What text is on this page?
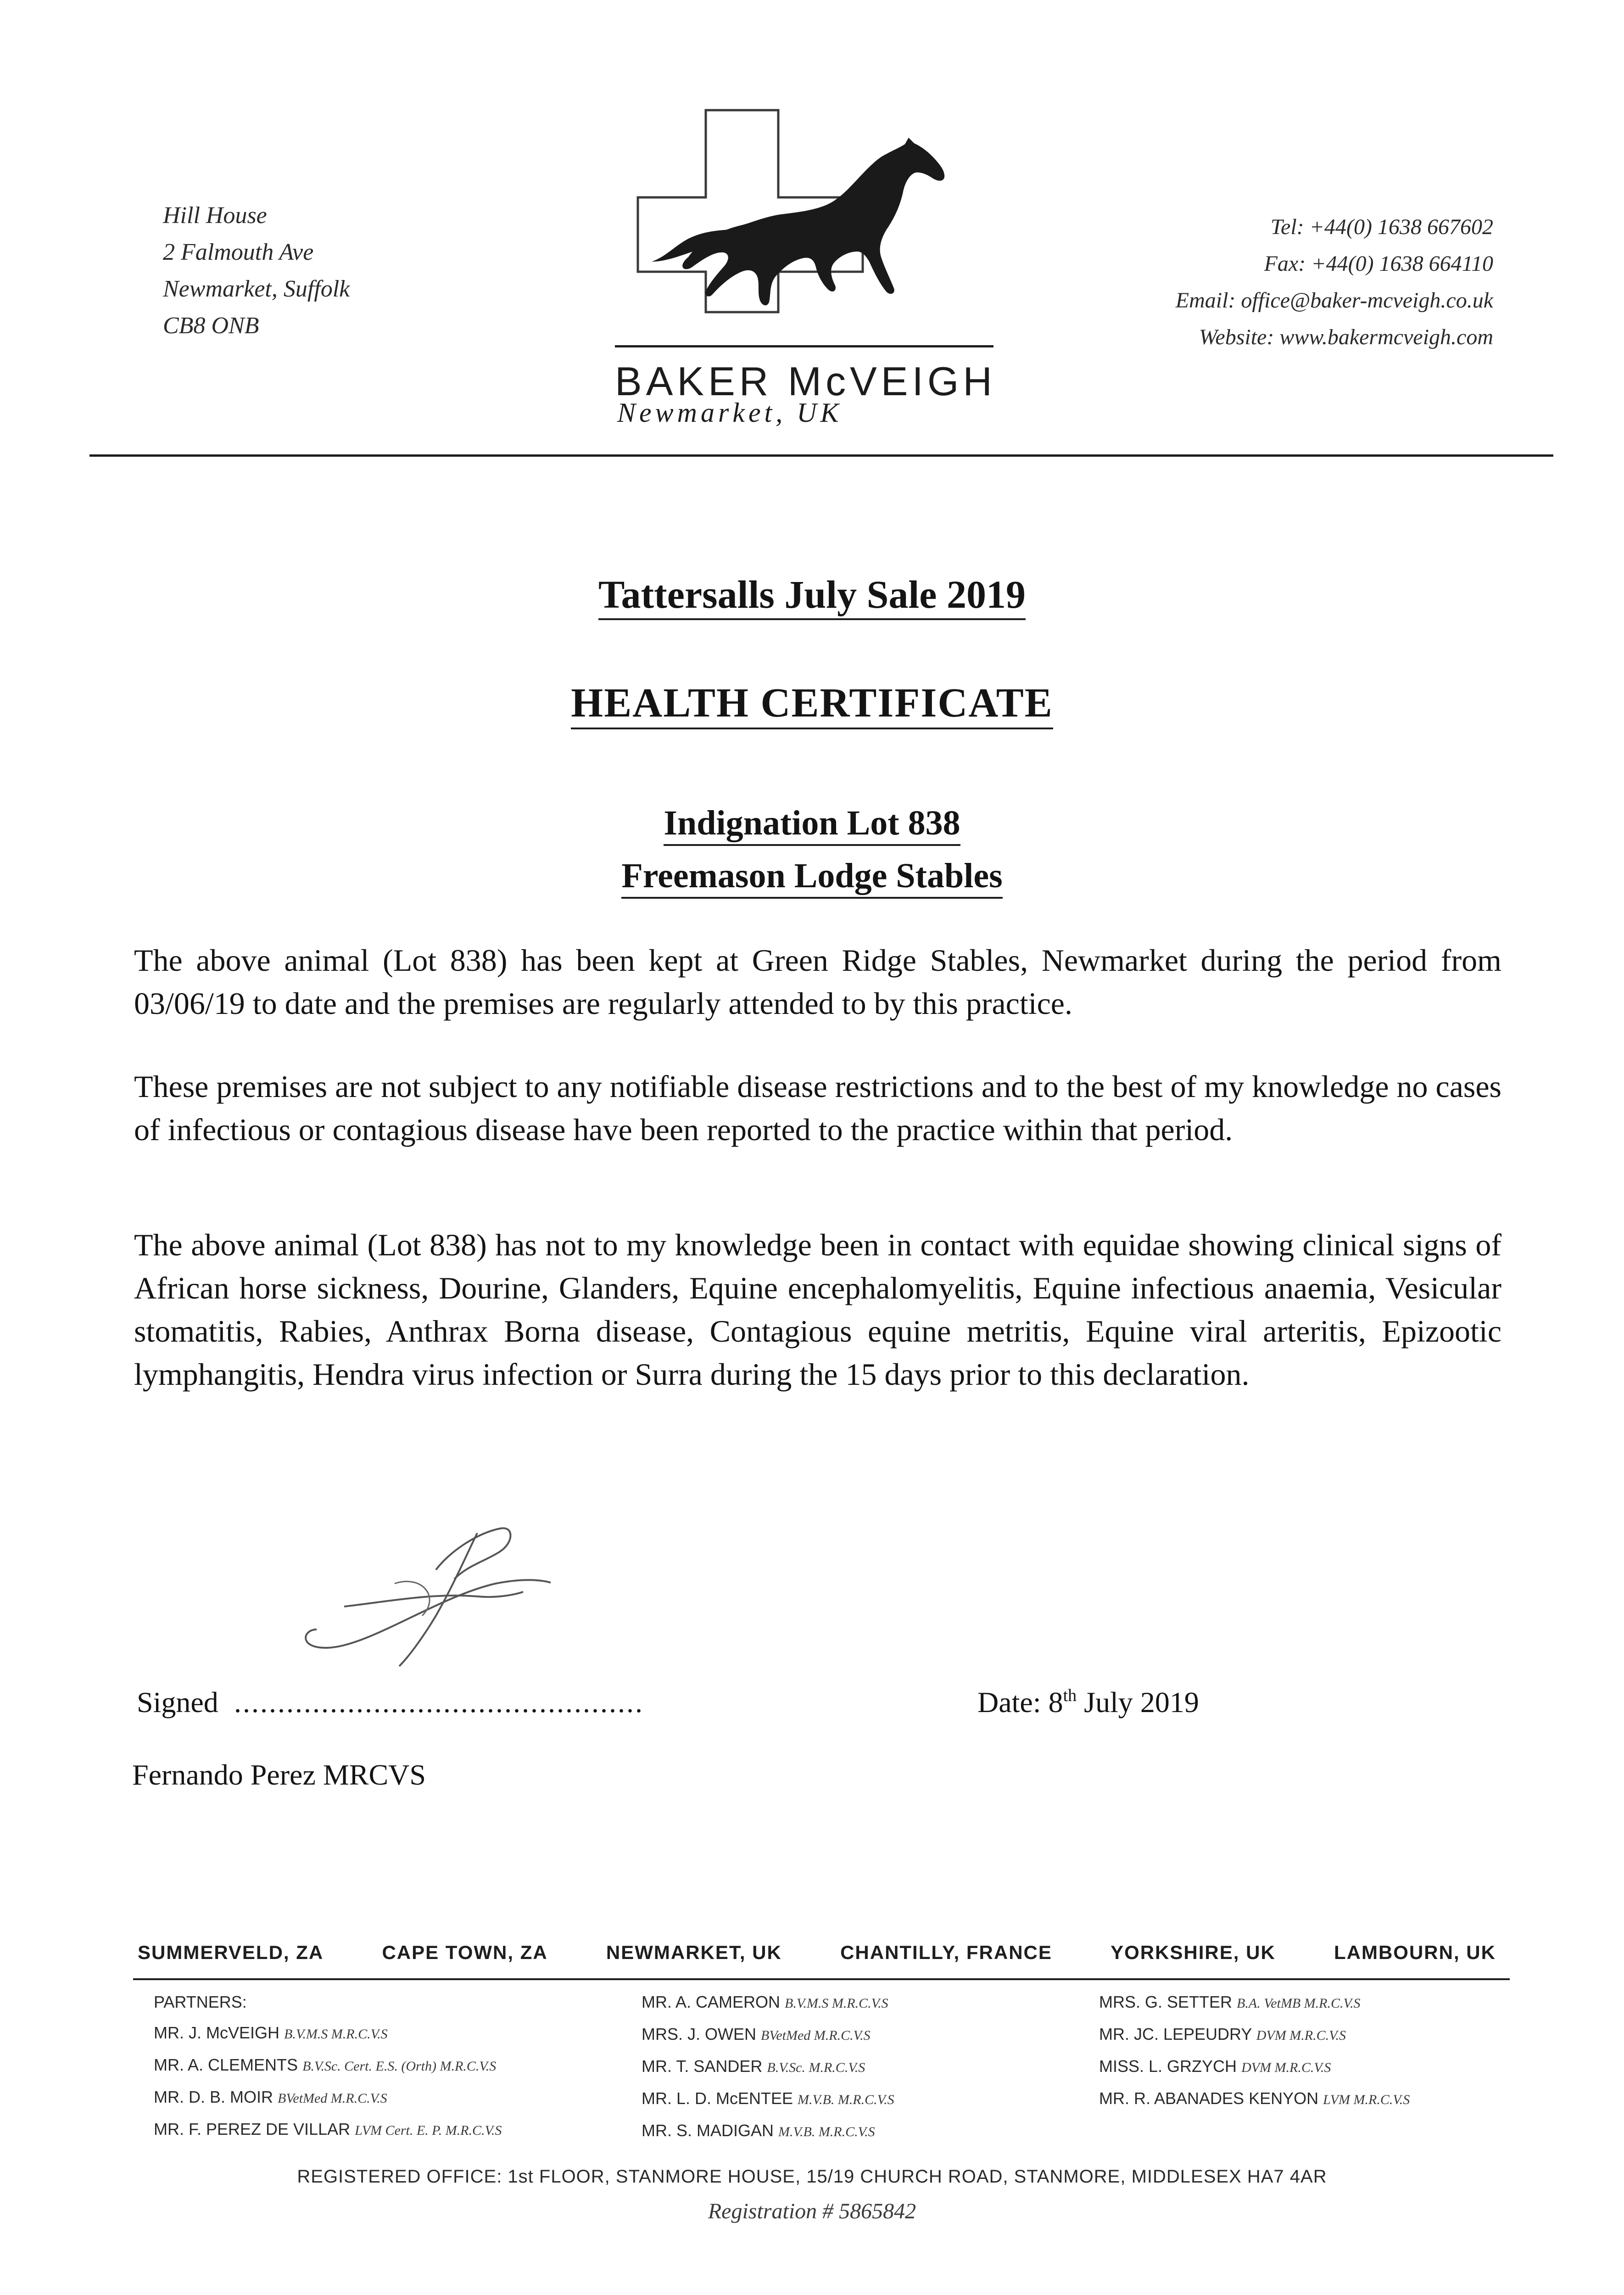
Hill House
2 Falmouth Ave
Newmarket, Suffolk
CB8 ONB
BAKER McVEIGH
Newmarket, UK
Tel: +44(0) 1638 667602
Fax: +44(0) 1638 664110
Email: office@baker-mcveigh.co.uk
Website: www.bakermcveigh.com
Tattersalls July Sale 2019
HEALTH CERTIFICATE
Indignation Lot 838
Freemason Lodge Stables
The above animal (Lot 838) has been kept at Green Ridge Stables, Newmarket during the period from 03/06/19 to date and the premises are regularly attended to by this practice.
These premises are not subject to any notifiable disease restrictions and to the best of my knowledge no cases of infectious or contagious disease have been reported to the practice within that period.
The above animal (Lot 838) has not to my knowledge been in contact with equidae showing clinical signs of African horse sickness, Dourine, Glanders, Equine encephalomyelitis, Equine infectious anaemia, Vesicular stomatitis, Rabies, Anthrax Borna disease, Contagious equine metritis, Equine viral arteritis, Epizootic lymphangitis, Hendra virus infection or Surra during the 15 days prior to this declaration.
Signed ...............................................	Date: 8th July 2019
Fernando Perez MRCVS
SUMMERVELD, ZA	CAPE TOWN, ZA	NEWMARKET, UK	CHANTILLY, FRANCE	YORKSHIRE, UK	LAMBOURN, UK
PARTNERS:
MR. J. McVEIGH B.V.M.S M.R.C.V.S
MR. A. CLEMENTS B.V.Sc. Cert. E.S. (Orth) M.R.C.V.S
MR. D. B. MOIR BVetMed M.R.C.V.S
MR. F. PEREZ DE VILLAR LVM Cert. E. P. M.R.C.V.S
MR. A. CAMERON B.V.M.S M.R.C.V.S
MRS. J. OWEN BVetMed M.R.C.V.S
MR. T. SANDER B.V.Sc. M.R.C.V.S
MR. L. D. McENTEE M.V.B. M.R.C.V.S
MR. S. MADIGAN M.V.B. M.R.C.V.S
MRS. G. SETTER B.A. VetMB M.R.C.V.S
MR. JC. LEPEUDRY DVM M.R.C.V.S
MISS. L. GRZYCH DVM M.R.C.V.S
MR. R. ABANADES KENYON LVM M.R.C.V.S
REGISTERED OFFICE: 1st FLOOR, STANMORE HOUSE, 15/19 CHURCH ROAD, STANMORE, MIDDLESEX HA7 4AR
Registration # 5865842
